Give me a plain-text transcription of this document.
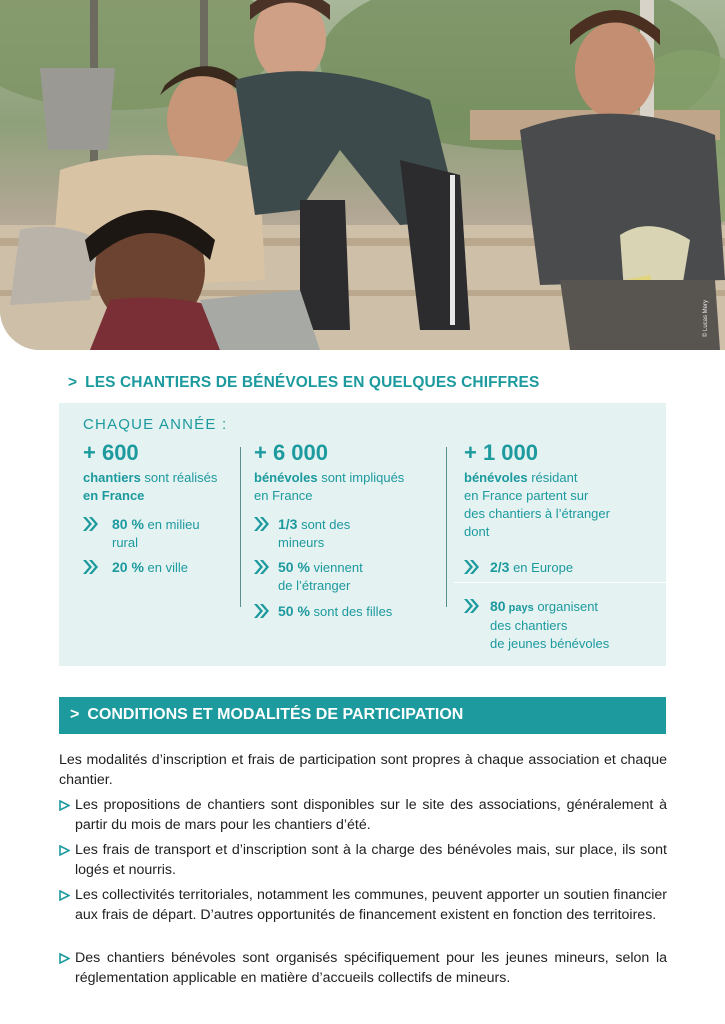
© Lucas Mery
> LES CHANTIERS DE BÉNÉVOLES EN QUELQUES CHIFFRES
CHAQUE ANNÉE :
+ 600
chantiers sont réalisés
en France
80 % en milieu
rural
20 % en ville
+ 6 000
bénévoles sont impliqués
en France
1/3 sont des
mineurs
50 % viennent
de l’étranger
50 % sont des filles
+ 1 000
bénévoles résidant
en France partent sur
des chantiers à l’étranger
dont
2/3 en Europe
80 pays organisent
des chantiers
de jeunes bénévoles
> CONDITIONS ET MODALITÉS DE PARTICIPATION
Les modalités d’inscription et frais de participation sont propres à chaque association et chaque chantier.
Les propositions de chantiers sont disponibles sur le site des associations, généralement à partir du mois de mars pour les chantiers d’été.
Les frais de transport et d’inscription sont à la charge des bénévoles mais, sur place, ils sont logés et nourris.
Les collectivités territoriales, notamment les communes, peuvent apporter un soutien financier aux frais de départ. D’autres opportunités de financement existent en fonction des territoires.
Des chantiers bénévoles sont organisés spécifiquement pour les jeunes mineurs, selon la réglementation applicable en matière d’accueils collectifs de mineurs.
